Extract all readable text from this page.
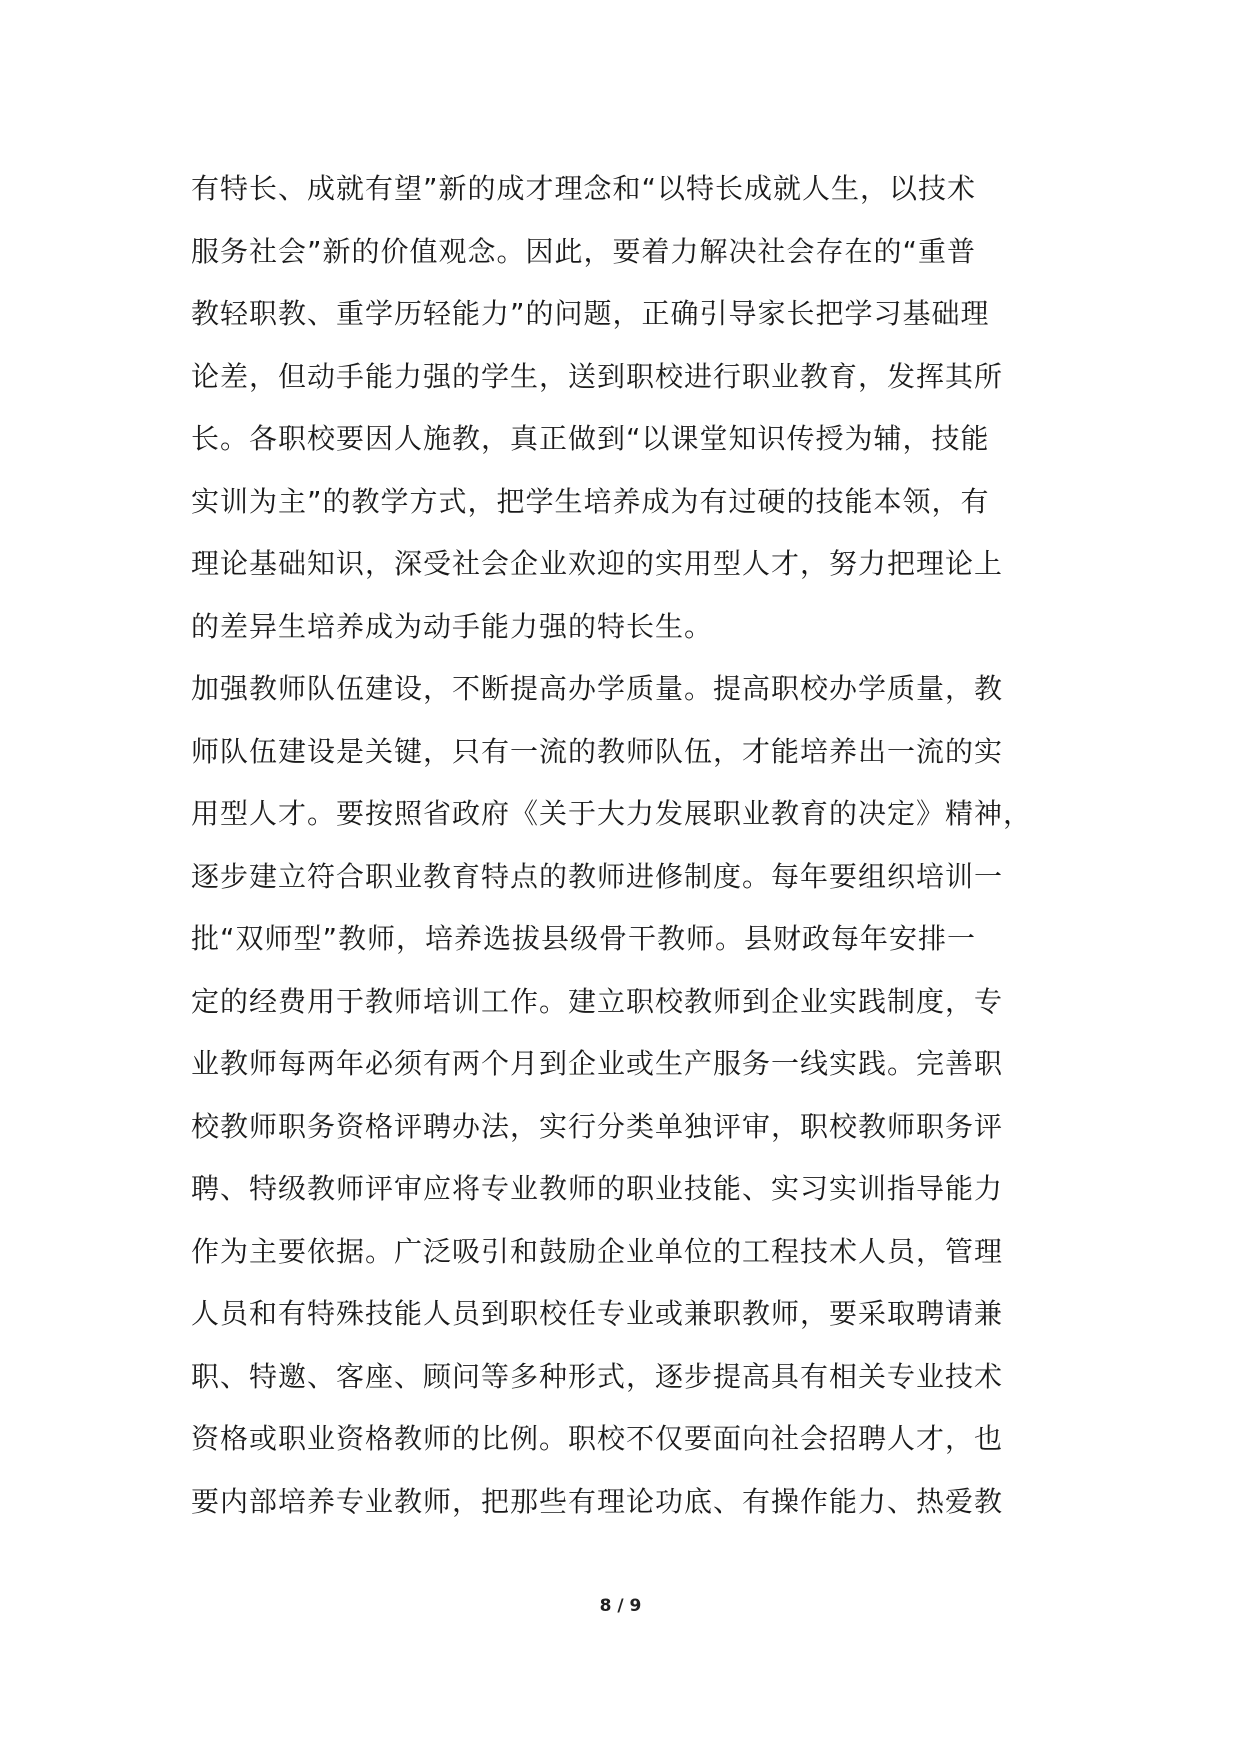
有特长、成就有望”新的成才理念和“以特长成就人生，以技术
服务社会”新的价值观念。因此，要着力解决社会存在的“重普
教轻职教、重学历轻能力”的问题，正确引导家长把学习基础理
论差，但动手能力强的学生，送到职校进行职业教育，发挥其所
长。各职校要因人施教，真正做到“以课堂知识传授为辅，技能
实训为主”的教学方式，把学生培养成为有过硬的技能本领，有
理论基础知识，深受社会企业欢迎的实用型人才，努力把理论上
的差异生培养成为动手能力强的特长生。
加强教师队伍建设，不断提高办学质量。提高职校办学质量，教
师队伍建设是关键，只有一流的教师队伍，才能培养出一流的实
用型人才。要按照省政府《关于大力发展职业教育的决定》精神，
逐步建立符合职业教育特点的教师进修制度。每年要组织培训一
批“双师型”教师，培养选拔县级骨干教师。县财政每年安排一
定的经费用于教师培训工作。建立职校教师到企业实践制度，专
业教师每两年必须有两个月到企业或生产服务一线实践。完善职
校教师职务资格评聘办法，实行分类单独评审，职校教师职务评
聘、特级教师评审应将专业教师的职业技能、实习实训指导能力
作为主要依据。广泛吸引和鼓励企业单位的工程技术人员，管理
人员和有特殊技能人员到职校任专业或兼职教师，要采取聘请兼
职、特邀、客座、顾问等多种形式，逐步提高具有相关专业技术
资格或职业资格教师的比例。职校不仅要面向社会招聘人才，也
要内部培养专业教师，把那些有理论功底、有操作能力、热爱教
8 / 9
